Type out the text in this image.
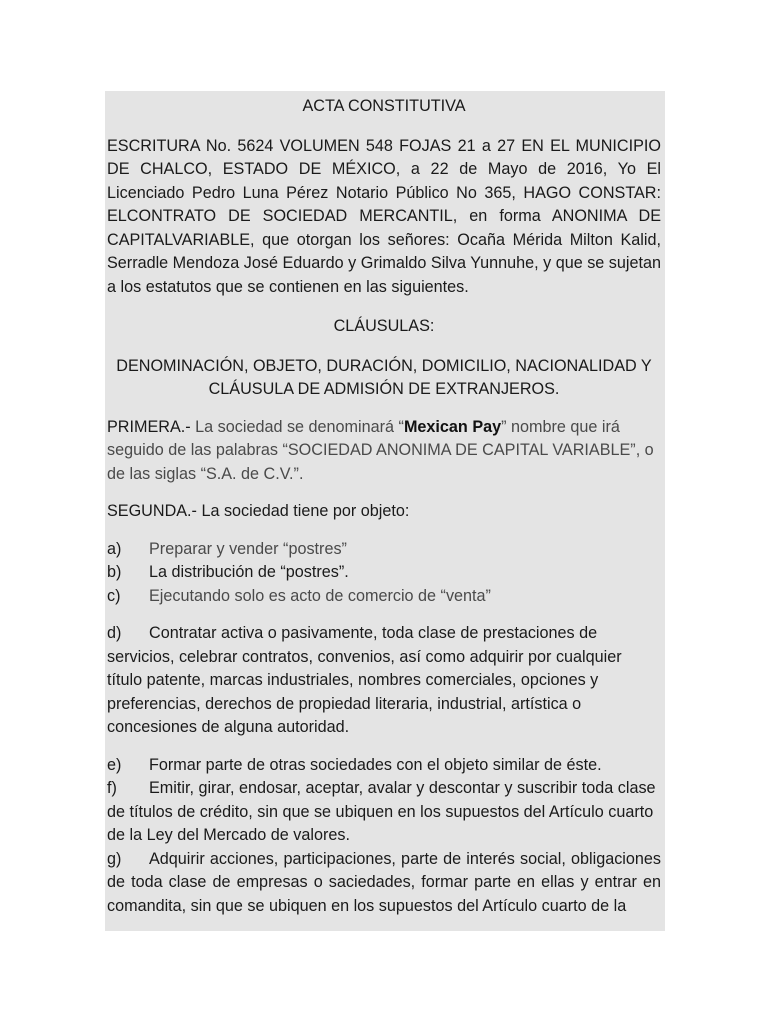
ACTA CONSTITUTIVA

ESCRITURA No. 5624 VOLUMEN 548 FOJAS 21 a 27 EN EL MUNICIPIO DE CHALCO, ESTADO DE MÉXICO, a 22 de Mayo de 2016, Yo El Licenciado Pedro Luna Pérez Notario Público No 365, HAGO CONSTAR: ELCONTRATO DE SOCIEDAD MERCANTIL, en forma ANONIMA DE CAPITALVARIABLE, que otorgan los señores: Ocaña Mérida Milton Kalid, Serradle Mendoza José Eduardo y Grimaldo Silva Yunnuhe, y que se sujetan a los estatutos que se contienen en las siguientes.

CLÁUSULAS:

DENOMINACIÓN, OBJETO, DURACIÓN, DOMICILIO, NACIONALIDAD Y CLÁUSULA DE ADMISIÓN DE EXTRANJEROS.

PRIMERA.- La sociedad se denominará “Mexican Pay” nombre que irá seguido de las palabras “SOCIEDAD ANONIMA DE CAPITAL VARIABLE”, o de las siglas “S.A. de C.V.”.

SEGUNDA.- La sociedad tiene por objeto:

a)	Preparar y vender “postres”
b)	La distribución de “postres”.
c)	Ejecutando solo es acto de comercio de “venta”

d) Contratar activa o pasivamente, toda clase de prestaciones de servicios, celebrar contratos, convenios, así como adquirir por cualquier título patente, marcas industriales, nombres comerciales, opciones y preferencias, derechos de propiedad literaria, industrial, artística o concesiones de alguna autoridad.

e) Formar parte de otras sociedades con el objeto similar de éste.

f) Emitir, girar, endosar, aceptar, avalar y descontar y suscribir toda clase de títulos de crédito, sin que se ubiquen en los supuestos del Artículo cuarto de la Ley del Mercado de valores.

g) Adquirir acciones, participaciones, parte de interés social, obligaciones de toda clase de empresas o saciedades, formar parte en ellas y entrar en comandita, sin que se ubiquen en los supuestos del Artículo cuarto de la
